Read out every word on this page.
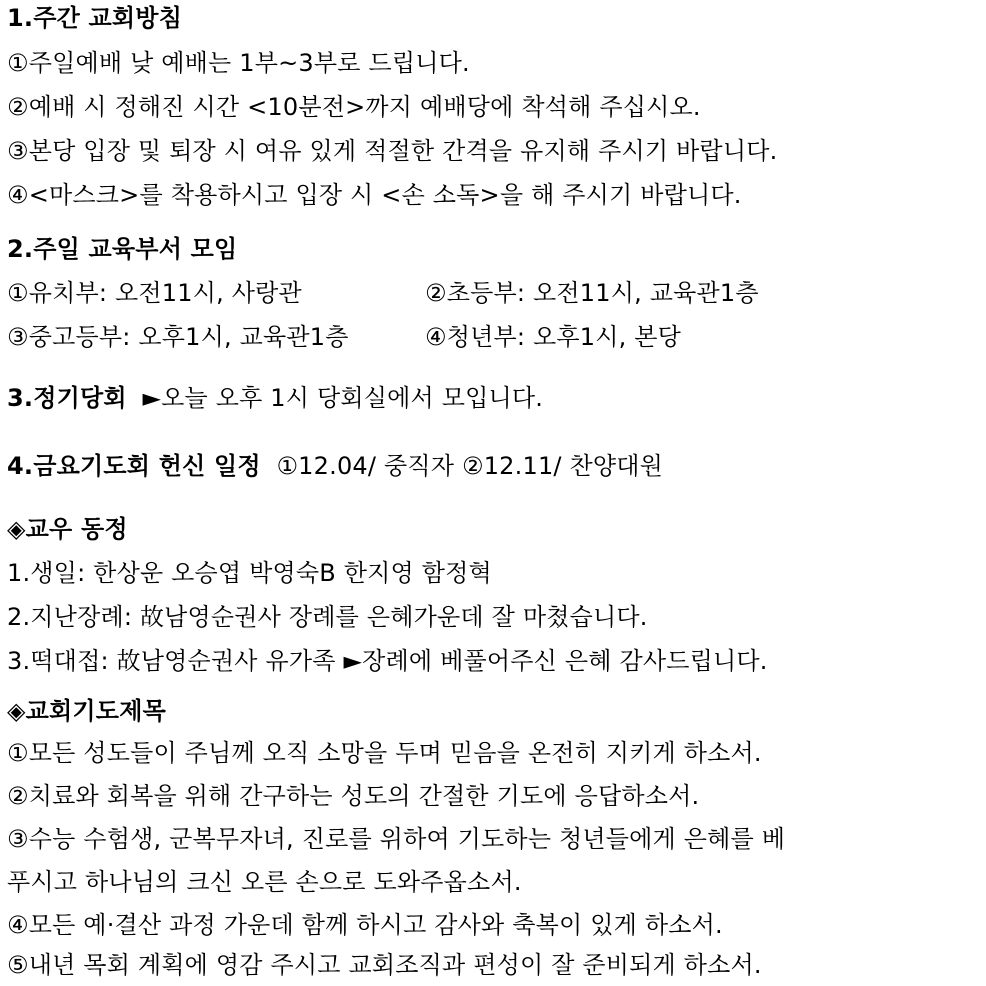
1.주간 교회방침
①주일예배 낮 예배는 1부~3부로 드립니다.
②예배 시 정해진 시간 <10분전>까지 예배당에 착석해 주십시오.
③본당 입장 및 퇴장 시 여유 있게 적절한 간격을 유지해 주시기 바랍니다.
④<마스크>를 착용하시고 입장 시 <손 소독>을 해 주시기 바랍니다.
2.주일 교육부서 모임
①유치부: 오전11시, 사랑관	②초등부: 오전11시, 교육관1층
③중고등부: 오후1시, 교육관1층	④청년부: 오후1시, 본당
3.정기당회 ►오늘 오후 1시 당회실에서 모입니다.
4.금요기도회 헌신 일정 ①12.04/ 중직자 ②12.11/ 찬양대원
◈교우 동정
1.생일: 한상운 오승엽 박영숙B 한지영 함정혁
2.지난장례: 故남영순권사 장례를 은혜가운데 잘 마쳤습니다.
3.떡대접: 故남영순권사 유가족 ►장례에 베풀어주신 은혜 감사드립니다.
◈교회기도제목
①모든 성도들이 주님께 오직 소망을 두며 믿음을 온전히 지키게 하소서.
②치료와 회복을 위해 간구하는 성도의 간절한 기도에 응답하소서.
③수능 수험생, 군복무자녀, 진로를 위하여 기도하는 청년들에게 은혜를 베
푸시고 하나님의 크신 오른 손으로 도와주옵소서.
④모든 예·결산 과정 가운데 함께 하시고 감사와 축복이 있게 하소서.
⑤내년 목회 계획에 영감 주시고 교회조직과 편성이 잘 준비되게 하소서.
